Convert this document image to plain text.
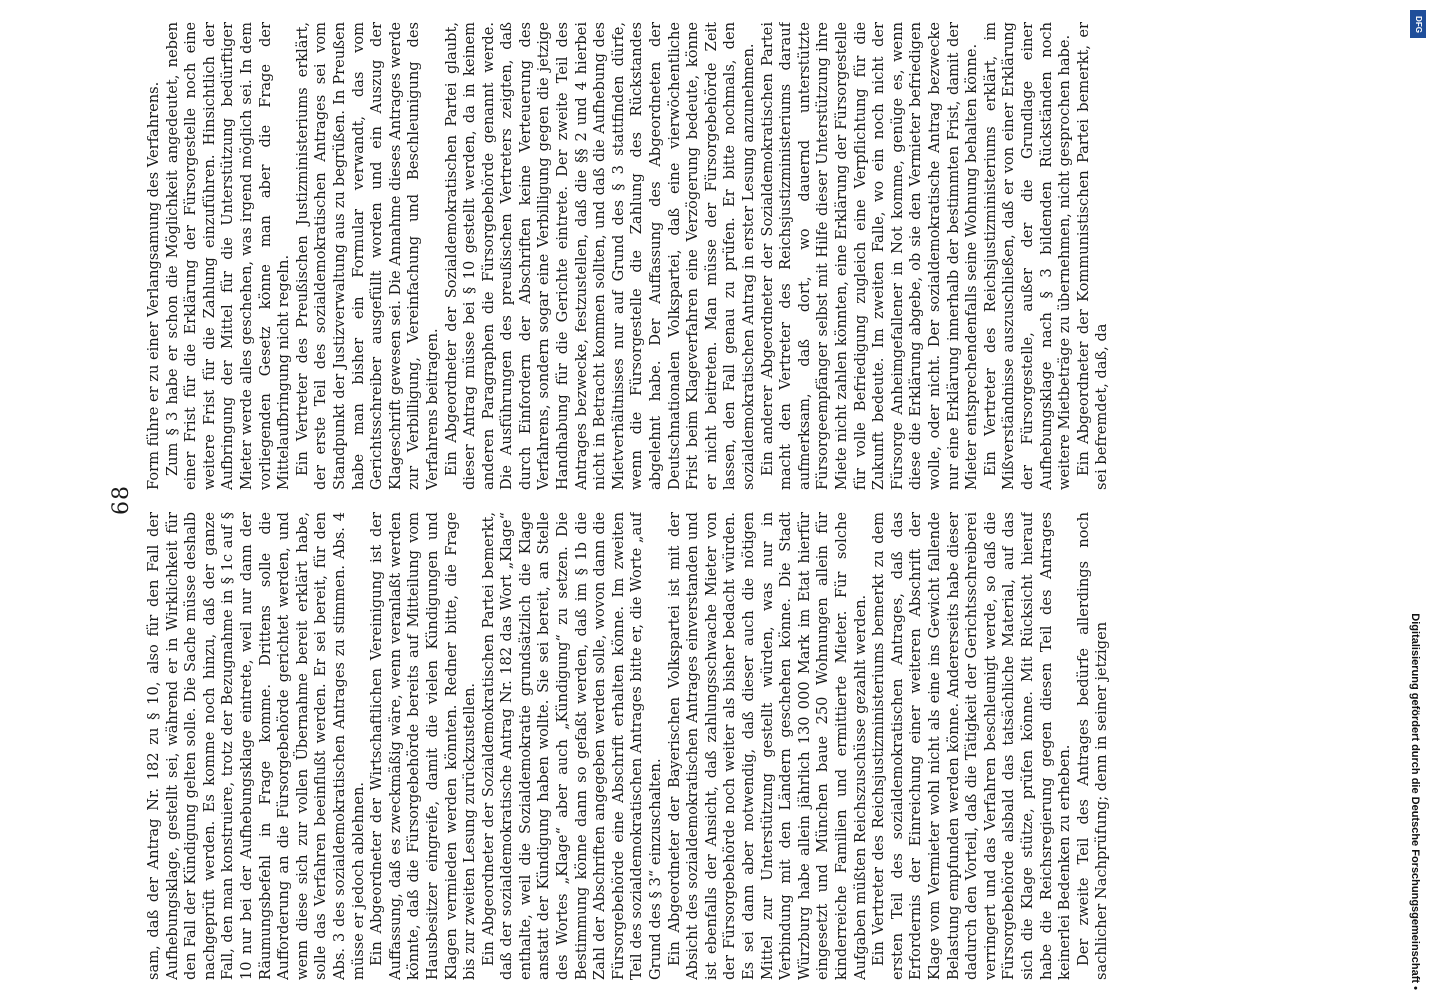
68

sam, daß der Antrag Nr. 182 zu § 10, also für den Fall der Aufhebungsklage, gestellt sei, während er in Wirklichkeit für den Fall der Kündigung gelten solle. Die Sache müsse deshalb nachgeprüft werden. Es komme noch hinzu, daß der ganze Fall, den man konstruiere, trotz der Bezugnahme in § 1c auf § 10 nur bei der Aufhebungsklage eintrete, weil nur dann der Räumungsbefehl in Frage komme. Drittens solle die Aufforderung an die Fürsorgebehörde gerichtet werden, und wenn diese sich zur vollen Übernahme bereit erklärt habe, solle das Verfahren beeinflußt werden. Er sei bereit, für den Abs. 3 des sozialdemokratischen Antrages zu stimmen. Abs. 4 müsse er jedoch ablehnen. Ein Abgeordneter der Wirtschaftlichen Vereinigung ist der Auffassung, daß es zweckmäßig wäre, wenn veranlaßt werden könnte, daß die Fürsorgebehörde bereits auf Mitteilung vom Hausbesitzer eingreife, damit die vielen Kündigungen und Klagen vermieden werden könnten. Redner bitte, die Frage bis zur zweiten Lesung zurückzustellen. Ein Abgeordneter der Sozialdemokratischen Partei bemerkt, daß der sozialdemokratische Antrag Nr. 182 das Wort „Klage“ enthalte, weil die Sozialdemokratie grundsätzlich die Klage anstatt der Kündigung haben wollte. Sie sei bereit, an Stelle des Wortes „Klage“ aber auch „Kündigung“ zu setzen. Die Bestimmung könne dann so gefaßt werden, daß im § 1b die Zahl der Abschriften angegeben werden solle, wovon dann die Fürsorgebehörde eine Abschrift erhalten könne. Im zweiten Teil des sozialdemokratischen Antrages bitte er, die Worte „auf Grund des § 3“ einzuschalten. Ein Abgeordneter der Bayerischen Volkspartei ist mit der Absicht des sozialdemokratischen Antrages einverstanden und ist ebenfalls der Ansicht, daß zahlungsschwache Mieter von der Fürsorgebehörde noch weiter als bisher bedacht würden. Es sei dann aber notwendig, daß dieser auch die nötigen Mittel zur Unterstützung gestellt würden, was nur in Verbindung mit den Ländern geschehen könne. Die Stadt Würzburg habe allein jährlich 130 000 Mark im Etat hierfür eingesetzt und München baue 250 Wohnungen allein für kinderreiche Familien und ermittierte Mieter. Für solche Aufgaben müßten Reichszuschüsse gezahlt werden. Ein Vertreter des Reichsjustizministeriums bemerkt zu dem ersten Teil des sozialdemokratischen Antrages, daß das Erfordernis der Einreichung einer weiteren Abschrift der Klage vom Vermieter wohl nicht als eine ins Gewicht fallende Belastung empfunden werden könne. Andererseits habe dieser dadurch den Vorteil, daß die Tätigkeit der Gerichtsschreiberei verringert und das Verfahren beschleunigt werde, so daß die Fürsorgebehörde alsbald das tatsächliche Material, auf das sich die Klage stütze, prüfen könne. Mit Rücksicht hierauf habe die Reichsregierung gegen diesen Teil des Antrages keinerlei Bedenken zu erheben. Der zweite Teil des Antrages bedürfe allerdings noch sachlicher Nachprüfung; denn in seiner jetzigen

Form führe er zu einer Verlangsamung des Verfahrens. Zum § 3 habe er schon die Möglichkeit angedeutet, neben einer Frist für die Erklärung der Fürsorgestelle noch eine weitere Frist für die Zahlung einzuführen. Hinsichtlich der Aufbringung der Mittel für die Unterstützung bedürftiger Mieter werde alles geschehen, was irgend möglich sei. In dem vorliegenden Gesetz könne man aber die Frage der Mittelaufbringung nicht regeln. Ein Vertreter des Preußischen Justizministeriums erklärt, der erste Teil des sozialdemokratischen Antrages sei vom Standpunkt der Justizverwaltung aus zu begrüßen. In Preußen habe man bisher ein Formular verwandt, das vom Gerichtsschreiber ausgefüllt worden und ein Auszug der Klageschrift gewesen sei. Die Annahme dieses Antrages werde zur Verbilligung, Vereinfachung und Beschleunigung des Verfahrens beitragen. Ein Abgeordneter der Sozialdemokratischen Partei glaubt, dieser Antrag müsse bei § 10 gestellt werden, da in keinem anderen Paragraphen die Fürsorgebehörde genannt werde. Die Ausführungen des preußischen Vertreters zeigten, daß durch Einfordern der Abschriften keine Verteuerung des Verfahrens, sondern sogar eine Verbilligung gegen die jetzige Handhabung für die Gerichte eintrete. Der zweite Teil des Antrages bezwecke, festzustellen, daß die §§ 2 und 4 hierbei nicht in Betracht kommen sollten, und daß die Aufhebung des Mietverhältnisses nur auf Grund des § 3 stattfinden dürfe, wenn die Fürsorgestelle die Zahlung des Rückstandes abgelehnt habe. Der Auffassung des Abgeordneten der Deutschnationalen Volkspartei, daß eine vierwöchentliche Frist beim Klageverfahren eine Verzögerung bedeute, könne er nicht beitreten. Man müsse der Fürsorgebehörde Zeit lassen, den Fall genau zu prüfen. Er bitte nochmals, den sozialdemokratischen Antrag in erster Lesung anzunehmen. Ein anderer Abgeordneter der Sozialdemokratischen Partei macht den Vertreter des Reichsjustizministeriums darauf aufmerksam, daß dort, wo dauernd unterstützte Fürsorgeempfänger selbst mit Hilfe dieser Unterstützung ihre Miete nicht zahlen könnten, eine Erklärung der Fürsorgestelle für volle Befriedigung zugleich eine Verpflichtung für die Zukunft bedeute. Im zweiten Falle, wo ein noch nicht der Fürsorge Anheimgefallener in Not komme, genüge es, wenn diese die Erklärung abgebe, ob sie den Vermieter befriedigen wolle, oder nicht. Der sozialdemokratische Antrag bezwecke nur eine Erklärung innerhalb der bestimmten Frist, damit der Mieter entsprechendenfalls seine Wohnung behalten könne. Ein Vertreter des Reichsjustizministeriums erklärt, im Mißverständnisse auszuschließen, daß er von einer Erklärung der Fürsorgestelle, außer der die Grundlage einer Aufhebungsklage nach § 3 bildenden Rückständen noch weitere Mietbeträge zu übernehmen, nicht gesprochen habe. Ein Abgeordneter der Kommunistischen Partei bemerkt, er sei befremdet, daß, da

Digitalisierung gefördert durch die Deutsche Forschungsgemeinschaft •
DFG
